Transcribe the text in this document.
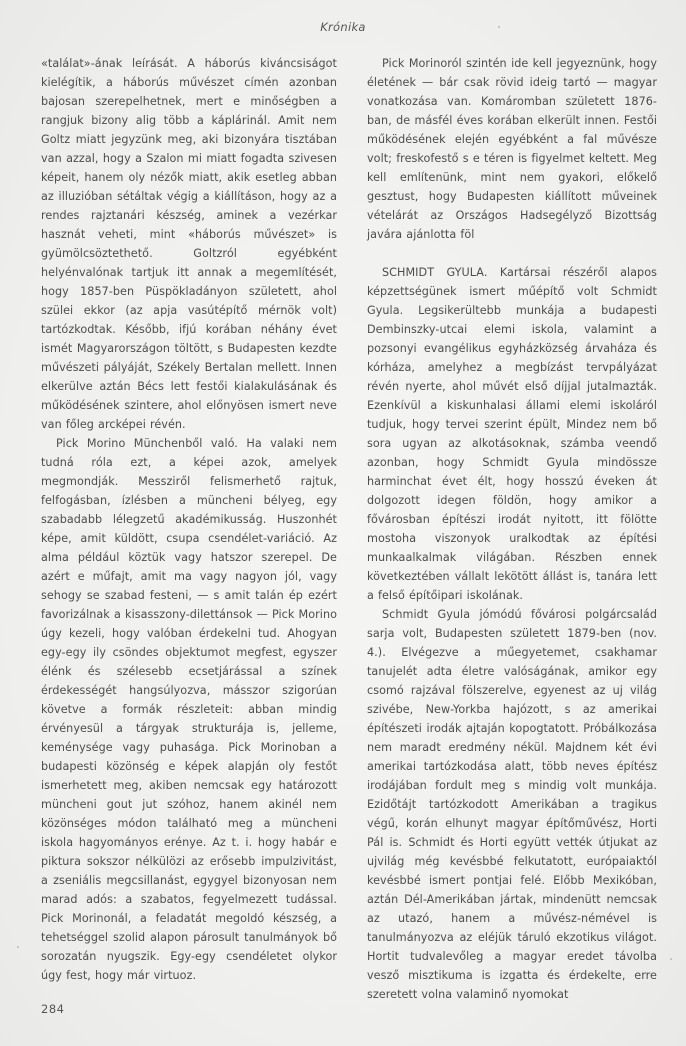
Krónika

«találat»-ának leírását. A háborús kiváncsiságot kielégítik, a háborús művészet címén azonban bajosan szerepelhetnek, mert e minőségben a rangjuk bizony alig több a káplárinál. Amit nem Goltz miatt jegyzünk meg, aki bizonyára tisztában van azzal, hogy a Szalon mi miatt fogadta szivesen képeit, hanem oly nézők miatt, akik esetleg abban az illuzióban sétáltak végig a kiállításon, hogy az a rendes rajztanári készség, aminek a vezérkar hasznát veheti, mint «háborús művészet» is gyümölcsöztethető. Goltzról egyébként helyénvalónak tartjuk itt annak a megemlítését, hogy 1857-ben Püspökladányon született, ahol szülei ekkor (az apja vasútépítő mérnök volt) tartózkodtak. Később, ifjú korában néhány évet ismét Magyarországon töltött, s Budapesten kezdte művészeti pályáját, Székely Bertalan mellett. Innen elkerülve aztán Bécs lett festői kialakulásának és működésének szintere, ahol előnyösen ismert neve van főleg arcképei révén.

Pick Morino Münchenből való. Ha valaki nem tudná róla ezt, a képei azok, amelyek megmondják. Messziről felismerhető rajtuk, felfogásban, ízlésben a müncheni bélyeg, egy szabadabb lélegzetű akadémikusság. Huszonhét képe, amit küldött, csupa csendélet-variáció. Az alma például köztük vagy hatszor szerepel. De azért e műfajt, amit ma vagy nagyon jól, vagy sehogy se szabad festeni, — s amit talán ép ezért favorizálnak a kisasszony-dilettánsok — Pick Morino úgy kezeli, hogy valóban érdekelni tud. Ahogyan egy-egy ily csöndes objektumot megfest, egyszer élénk és szélesebb ecsetjárással a színek érdekességét hangsúlyozva, másszor szigorúan követve a formák részleteit: abban mindig érvényesül a tárgyak strukturája is, jelleme, keménysége vagy puhasága. Pick Morinoban a budapesti közönség e képek alapján oly festőt ismerhetett meg, akiben nemcsak egy határozott müncheni gout jut szóhoz, hanem akinél nem közönséges módon található meg a müncheni iskola hagyományos erénye. Az t. i. hogy habár e piktura sokszor nélkülözi az erősebb impulzivitást, a zseniális megcsillanást, egygyel bizonyosan nem marad adós: a szabatos, fegyelmezett tudással. Pick Morinonál, a feladatát megoldó készség, a tehetséggel szolid alapon párosult tanulmányok bő sorozatán nyugszik. Egy-egy csendéletet olykor úgy fest, hogy már virtuoz.

Pick Morinoról szintén ide kell jegyeznünk, hogy életének — bár csak rövid ideig tartó — magyar vonatkozása van. Komáromban született 1876-ban, de másfél éves korában elkerült innen. Festői működésének elején egyébként a fal művésze volt; freskofestő s e téren is figyelmet keltett. Meg kell említenünk, mint nem gyakori, előkelő gesztust, hogy Budapesten kiállított műveinek vételárát az Országos Hadsegélyző Bizottság javára ajánlotta föl

SCHMIDT GYULA. Kartársai részéről alapos képzettségünek ismert műépítő volt Schmidt Gyula. Legsikerültebb munkája a budapesti Dembinszky-utcai elemi iskola, valamint a pozsonyi evangélikus egyházközség árvaháza és kórháza, amelyhez a megbízást tervpályázat révén nyerte, ahol művét első díjjal jutalmazták. Ezenkívül a kiskunhalasi állami elemi iskoláról tudjuk, hogy tervei szerint épült, Mindez nem bő sora ugyan az alkotásoknak, számba veendő azonban, hogy Schmidt Gyula mindössze harminchat évet élt, hogy hosszú éveken át dolgozott idegen földön, hogy amikor a fővárosban építészi irodát nyitott, itt fölötte mostoha viszonyok uralkodtak az építési munkaalkalmak világában. Részben ennek következtében vállalt lekötött állást is, tanára lett a felső építőipari iskolának.

Schmidt Gyula jómódú fővárosi polgárcsalád sarja volt, Budapesten született 1879-ben (nov. 4.). Elvégezve a műegyetemet, csakhamar tanujelét adta életre valóságának, amikor egy csomó rajzával fölszerelve, egyenest az uj világ szivébe, New-Yorkba hajózott, s az amerikai építészeti irodák ajtaján kopogtatott. Próbálkozása nem maradt eredmény nékül. Majdnem két évi amerikai tartózkodása alatt, több neves építész irodájában fordult meg s mindig volt munkája. Ezidőtájt tartózkodott Amerikában a tragikus végű, korán elhunyt magyar építőművész, Horti Pál is. Schmidt és Horti együtt vették útjukat az ujvilág még kevésbbé felkutatott, európaiaktól kevésbbé ismert pontjai felé. Előbb Mexikóban, aztán Dél-Amerikában jártak, mindenütt nemcsak az utazó, hanem a művész-némével is tanulmányozva az eléjük táruló ekzotikus világot. Hortit tudvalevőleg a magyar eredet távolba vesző misztikuma is izgatta és érdekelte, erre szeretett volna valaminő nyomokat

284
